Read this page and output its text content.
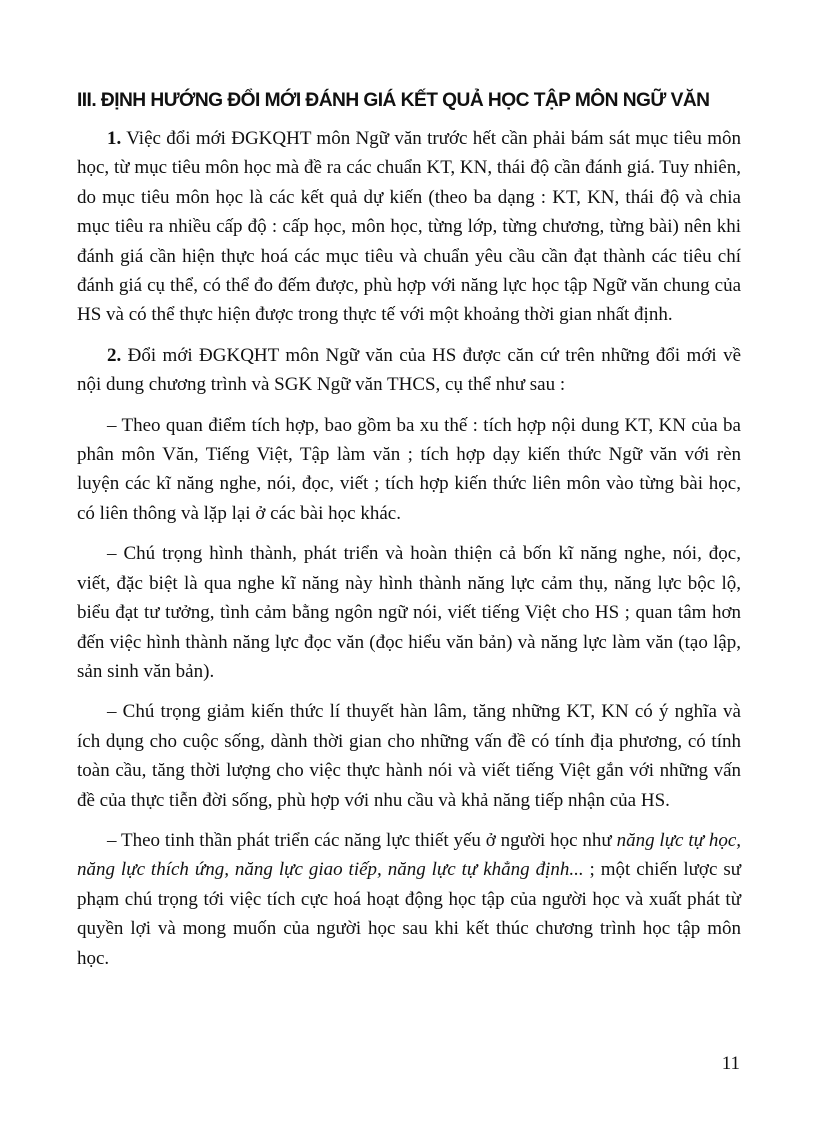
III. ĐỊNH HƯỚNG ĐỔI MỚI ĐÁNH GIÁ KẾT QUẢ HỌC TẬP MÔN NGỮ VĂN

1. Việc đổi mới ĐGKQHT môn Ngữ văn trước hết cần phải bám sát mục tiêu môn học, từ mục tiêu môn học mà đề ra các chuẩn KT, KN, thái độ cần đánh giá. Tuy nhiên, do mục tiêu môn học là các kết quả dự kiến (theo ba dạng : KT, KN, thái độ và chia mục tiêu ra nhiều cấp độ : cấp học, môn học, từng lớp, từng chương, từng bài) nên khi đánh giá cần hiện thực hoá các mục tiêu và chuẩn yêu cầu cần đạt thành các tiêu chí đánh giá cụ thể, có thể đo đếm được, phù hợp với năng lực học tập Ngữ văn chung của HS và có thể thực hiện được trong thực tế với một khoảng thời gian nhất định.

2. Đổi mới ĐGKQHT môn Ngữ văn của HS được căn cứ trên những đổi mới về nội dung chương trình và SGK Ngữ văn THCS, cụ thể như sau :

– Theo quan điểm tích hợp, bao gồm ba xu thế : tích hợp nội dung KT, KN của ba phân môn Văn, Tiếng Việt, Tập làm văn ; tích hợp dạy kiến thức Ngữ văn với rèn luyện các kĩ năng nghe, nói, đọc, viết ; tích hợp kiến thức liên môn vào từng bài học, có liên thông và lặp lại ở các bài học khác.

– Chú trọng hình thành, phát triển và hoàn thiện cả bốn kĩ năng nghe, nói, đọc, viết, đặc biệt là qua nghe kĩ năng này hình thành năng lực cảm thụ, năng lực bộc lộ, biểu đạt tư tưởng, tình cảm bằng ngôn ngữ nói, viết tiếng Việt cho HS ; quan tâm hơn đến việc hình thành năng lực đọc văn (đọc hiểu văn bản) và năng lực làm văn (tạo lập, sản sinh văn bản).

– Chú trọng giảm kiến thức lí thuyết hàn lâm, tăng những KT, KN có ý nghĩa và ích dụng cho cuộc sống, dành thời gian cho những vấn đề có tính địa phương, có tính toàn cầu, tăng thời lượng cho việc thực hành nói và viết tiếng Việt gắn với những vấn đề của thực tiễn đời sống, phù hợp với nhu cầu và khả năng tiếp nhận của HS.

– Theo tinh thần phát triển các năng lực thiết yếu ở người học như năng lực tự học, năng lực thích ứng, năng lực giao tiếp, năng lực tự khẳng định... ; một chiến lược sư phạm chú trọng tới việc tích cực hoá hoạt động học tập của người học và xuất phát từ quyền lợi và mong muốn của người học sau khi kết thúc chương trình học tập môn học.

11
